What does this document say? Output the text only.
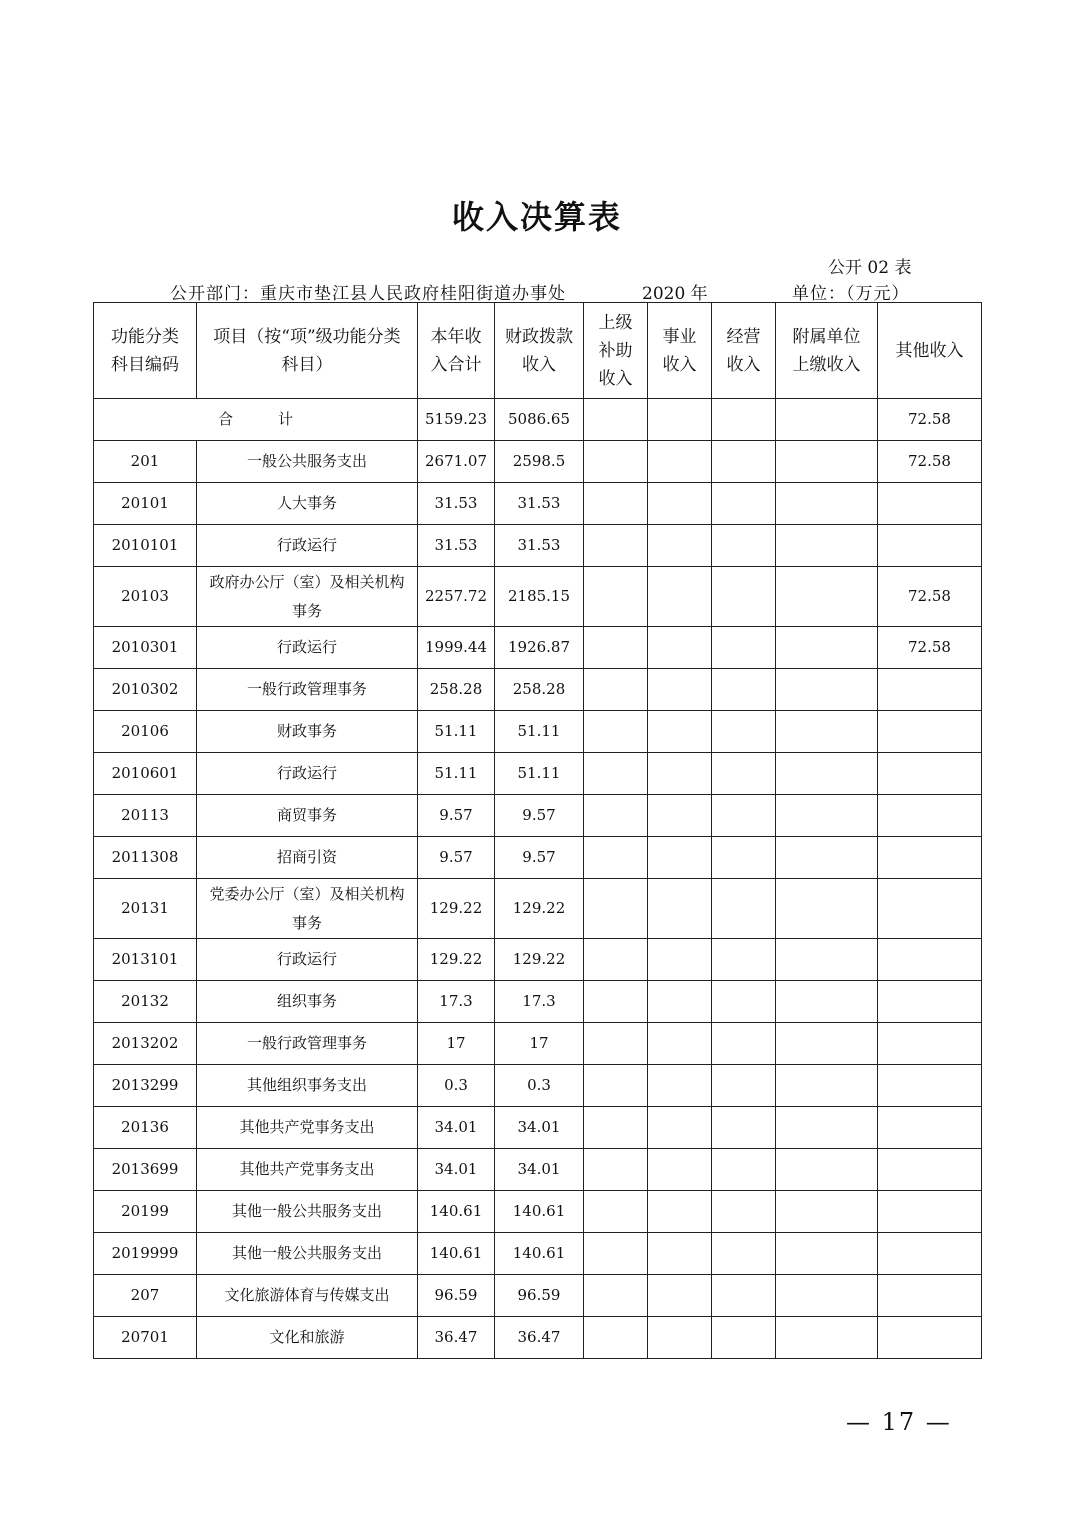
收入决算表
公开 02 表
公开部门：重庆市垫江县人民政府桂阳街道办事处	2020 年	单位：（万元）
功能分类科目编码	项目（按“项”级功能分类科目）	本年收入合计	财政拨款收入	上级补助收入	事业收入	经营收入	附属单位上缴收入	其他收入
合　　　计		5159.23	5086.65					72.58
201	一般公共服务支出	2671.07	2598.5					72.58
20101	人大事务	31.53	31.53					
2010101	行政运行	31.53	31.53					
20103	政府办公厅（室）及相关机构事务	2257.72	2185.15					72.58
2010301	行政运行	1999.44	1926.87					72.58
2010302	一般行政管理事务	258.28	258.28					
20106	财政事务	51.11	51.11					
2010601	行政运行	51.11	51.11					
20113	商贸事务	9.57	9.57					
2011308	招商引资	9.57	9.57					
20131	党委办公厅（室）及相关机构事务	129.22	129.22					
2013101	行政运行	129.22	129.22					
20132	组织事务	17.3	17.3					
2013202	一般行政管理事务	17	17					
2013299	其他组织事务支出	0.3	0.3					
20136	其他共产党事务支出	34.01	34.01					
2013699	其他共产党事务支出	34.01	34.01					
20199	其他一般公共服务支出	140.61	140.61					
2019999	其他一般公共服务支出	140.61	140.61					
207	文化旅游体育与传媒支出	96.59	96.59					
20701	文化和旅游	36.47	36.47					
— 17 —
